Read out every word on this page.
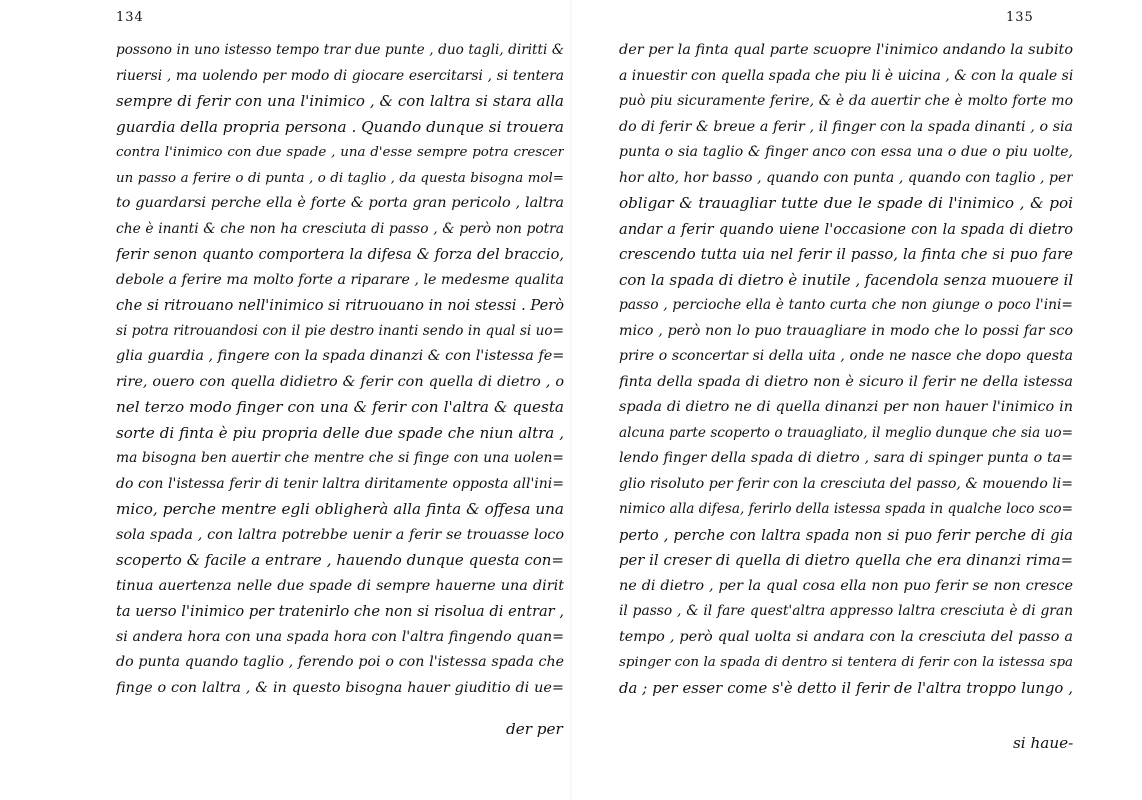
134
possono in uno istesso tempo trar due punte , duo tagli, diritti &
riuersi , ma uolendo per modo di giocare esercitarsi , si tentera
sempre di ferir con una l'inimico , & con laltra si stara alla
guardia della propria persona . Quando dunque si trouera
contra l'inimico con due spade , una d'esse sempre potra crescer
un passo a ferire o di punta , o di taglio , da questa bisogna mol=
to guardarsi perche ella è forte & porta gran pericolo , laltra
che è inanti & che non ha cresciuta di passo , & però non potra
ferir senon quanto comportera la difesa & forza del braccio,
debole a ferire ma molto forte a riparare , le medesme qualita
che si ritrouano nell'inimico si ritruouano in noi stessi . Però
si potra ritrouandosi con il pie destro inanti sendo in qual si uo=
glia guardia , fingere con la spada dinanzi & con l'istessa fe=
rire, ouero con quella didietro & ferir con quella di dietro , o
nel terzo modo finger con una & ferir con l'altra & questa
sorte di finta è piu propria delle due spade che niun altra ,
ma bisogna ben auertir che mentre che si finge con una uolen=
do con l'istessa ferir di tenir laltra diritamente opposta all'ini=
mico, perche mentre egli obligherà alla finta & offesa una
sola spada , con laltra potrebbe uenir a ferir se trouasse loco
scoperto & facile a entrare , hauendo dunque questa con=
tinua auertenza nelle due spade di sempre hauerne una dirit
ta uerso l'inimico per tratenirlo che non si risolua di entrar ,
si andera hora con una spada hora con l'altra fingendo quan=
do punta quando taglio , ferendo poi o con l'istessa spada che
finge o con laltra , & in questo bisogna hauer giuditio di ue=
der per
135
der per la finta qual parte scuopre l'inimico andando la subito
a inuestir con quella spada che piu li è uicina , & con la quale si
può piu sicuramente ferire, & è da auertir che è molto forte mo
do di ferir & breue a ferir , il finger con la spada dinanti , o sia
punta o sia taglio & finger anco con essa una o due o piu uolte,
hor alto, hor basso , quando con punta , quando con taglio , per
obligar & trauagliar tutte due le spade di l'inimico , & poi
andar a ferir quando uiene l'occasione con la spada di dietro
crescendo tutta uia nel ferir il passo, la finta che si puo fare
con la spada di dietro è inutile , facendola senza muouere il
passo , percioche ella è tanto curta che non giunge o poco l'ini=
mico , però non lo puo trauagliare in modo che lo possi far sco
prire o sconcertar si della uita , onde ne nasce che dopo questa
finta della spada di dietro non è sicuro il ferir ne della istessa
spada di dietro ne di quella dinanzi per non hauer l'inimico in
alcuna parte scoperto o trauagliato, il meglio dunque che sia uo=
lendo finger della spada di dietro , sara di spinger punta o ta=
glio risoluto per ferir con la cresciuta del passo, & mouendo li=
nimico alla difesa, ferirlo della istessa spada in qualche loco sco=
perto , perche con laltra spada non si puo ferir perche di gia
per il creser di quella di dietro quella che era dinanzi rima=
ne di dietro , per la qual cosa ella non puo ferir se non cresce
il passo , & il fare quest'altra appresso laltra cresciuta è di gran
tempo , però qual uolta si andara con la cresciuta del passo a
spinger con la spada di dentro si tentera di ferir con la istessa spa
da ; per esser come s'è detto il ferir de l'altra troppo lungo ,
si haue-
